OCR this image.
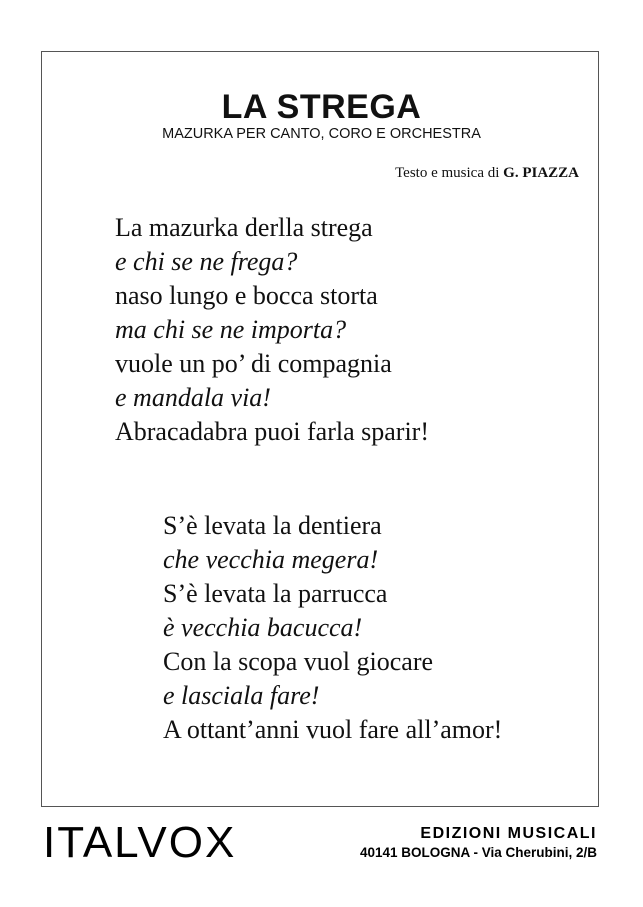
LA STREGA
MAZURKA PER CANTO, CORO E ORCHESTRA
Testo e musica di G. PIAZZA
La mazurka derlla strega
e chi se ne frega?
naso lungo e bocca storta
ma chi se ne importa?
vuole un po’ di compagnia
e mandala via!
Abracadabra puoi farla sparir!
S’è levata la dentiera
che vecchia megera!
S’è levata la parrucca
è vecchia bacucca!
Con la scopa vuol giocare
e lasciala fare!
A ottant’anni vuol fare all’amor!
ITALVOX	EDIZIONI MUSICALI
40141 BOLOGNA - Via Cherubini, 2/B
